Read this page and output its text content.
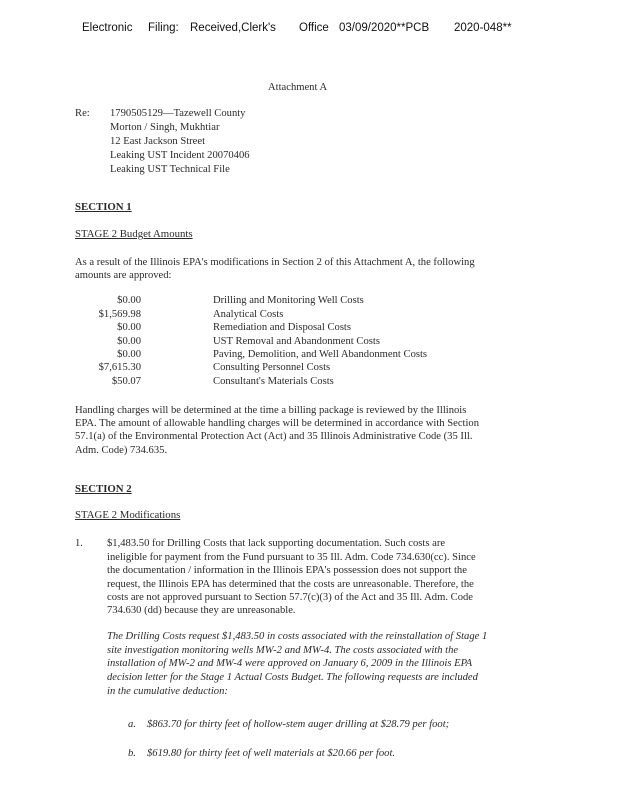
Electronic Filing: Received,Clerk's Office 03/09/2020**PCB 2020-048**
Attachment A
Re: 1790505129—Tazewell County
Morton / Singh, Mukhtiar
12 East Jackson Street
Leaking UST Incident 20070406
Leaking UST Technical File
SECTION 1
STAGE 2 Budget Amounts
As a result of the Illinois EPA's modifications in Section 2 of this Attachment A, the following
amounts are approved:
$0.00	Drilling and Monitoring Well Costs
$1,569.98	Analytical Costs
$0.00	Remediation and Disposal Costs
$0.00	UST Removal and Abandonment Costs
$0.00	Paving, Demolition, and Well Abandonment Costs
$7,615.30	Consulting Personnel Costs
$50.07	Consultant's Materials Costs
Handling charges will be determined at the time a billing package is reviewed by the Illinois
EPA. The amount of allowable handling charges will be determined in accordance with Section
57.1(a) of the Environmental Protection Act (Act) and 35 Illinois Administrative Code (35 Ill.
Adm. Code) 734.635.
SECTION 2
STAGE 2 Modifications
1. $1,483.50 for Drilling Costs that lack supporting documentation. Such costs are
ineligible for payment from the Fund pursuant to 35 Ill. Adm. Code 734.630(cc). Since
the documentation / information in the Illinois EPA's possession does not support the
request, the Illinois EPA has determined that the costs are unreasonable. Therefore, the
costs are not approved pursuant to Section 57.7(c)(3) of the Act and 35 Ill. Adm. Code
734.630 (dd) because they are unreasonable.
The Drilling Costs request $1,483.50 in costs associated with the reinstallation of Stage 1
site investigation monitoring wells MW-2 and MW-4. The costs associated with the
installation of MW-2 and MW-4 were approved on January 6, 2009 in the Illinois EPA
decision letter for the Stage 1 Actual Costs Budget. The following requests are included
in the cumulative deduction:
a. $863.70 for thirty feet of hollow-stem auger drilling at $28.79 per foot;
b. $619.80 for thirty feet of well materials at $20.66 per foot.
